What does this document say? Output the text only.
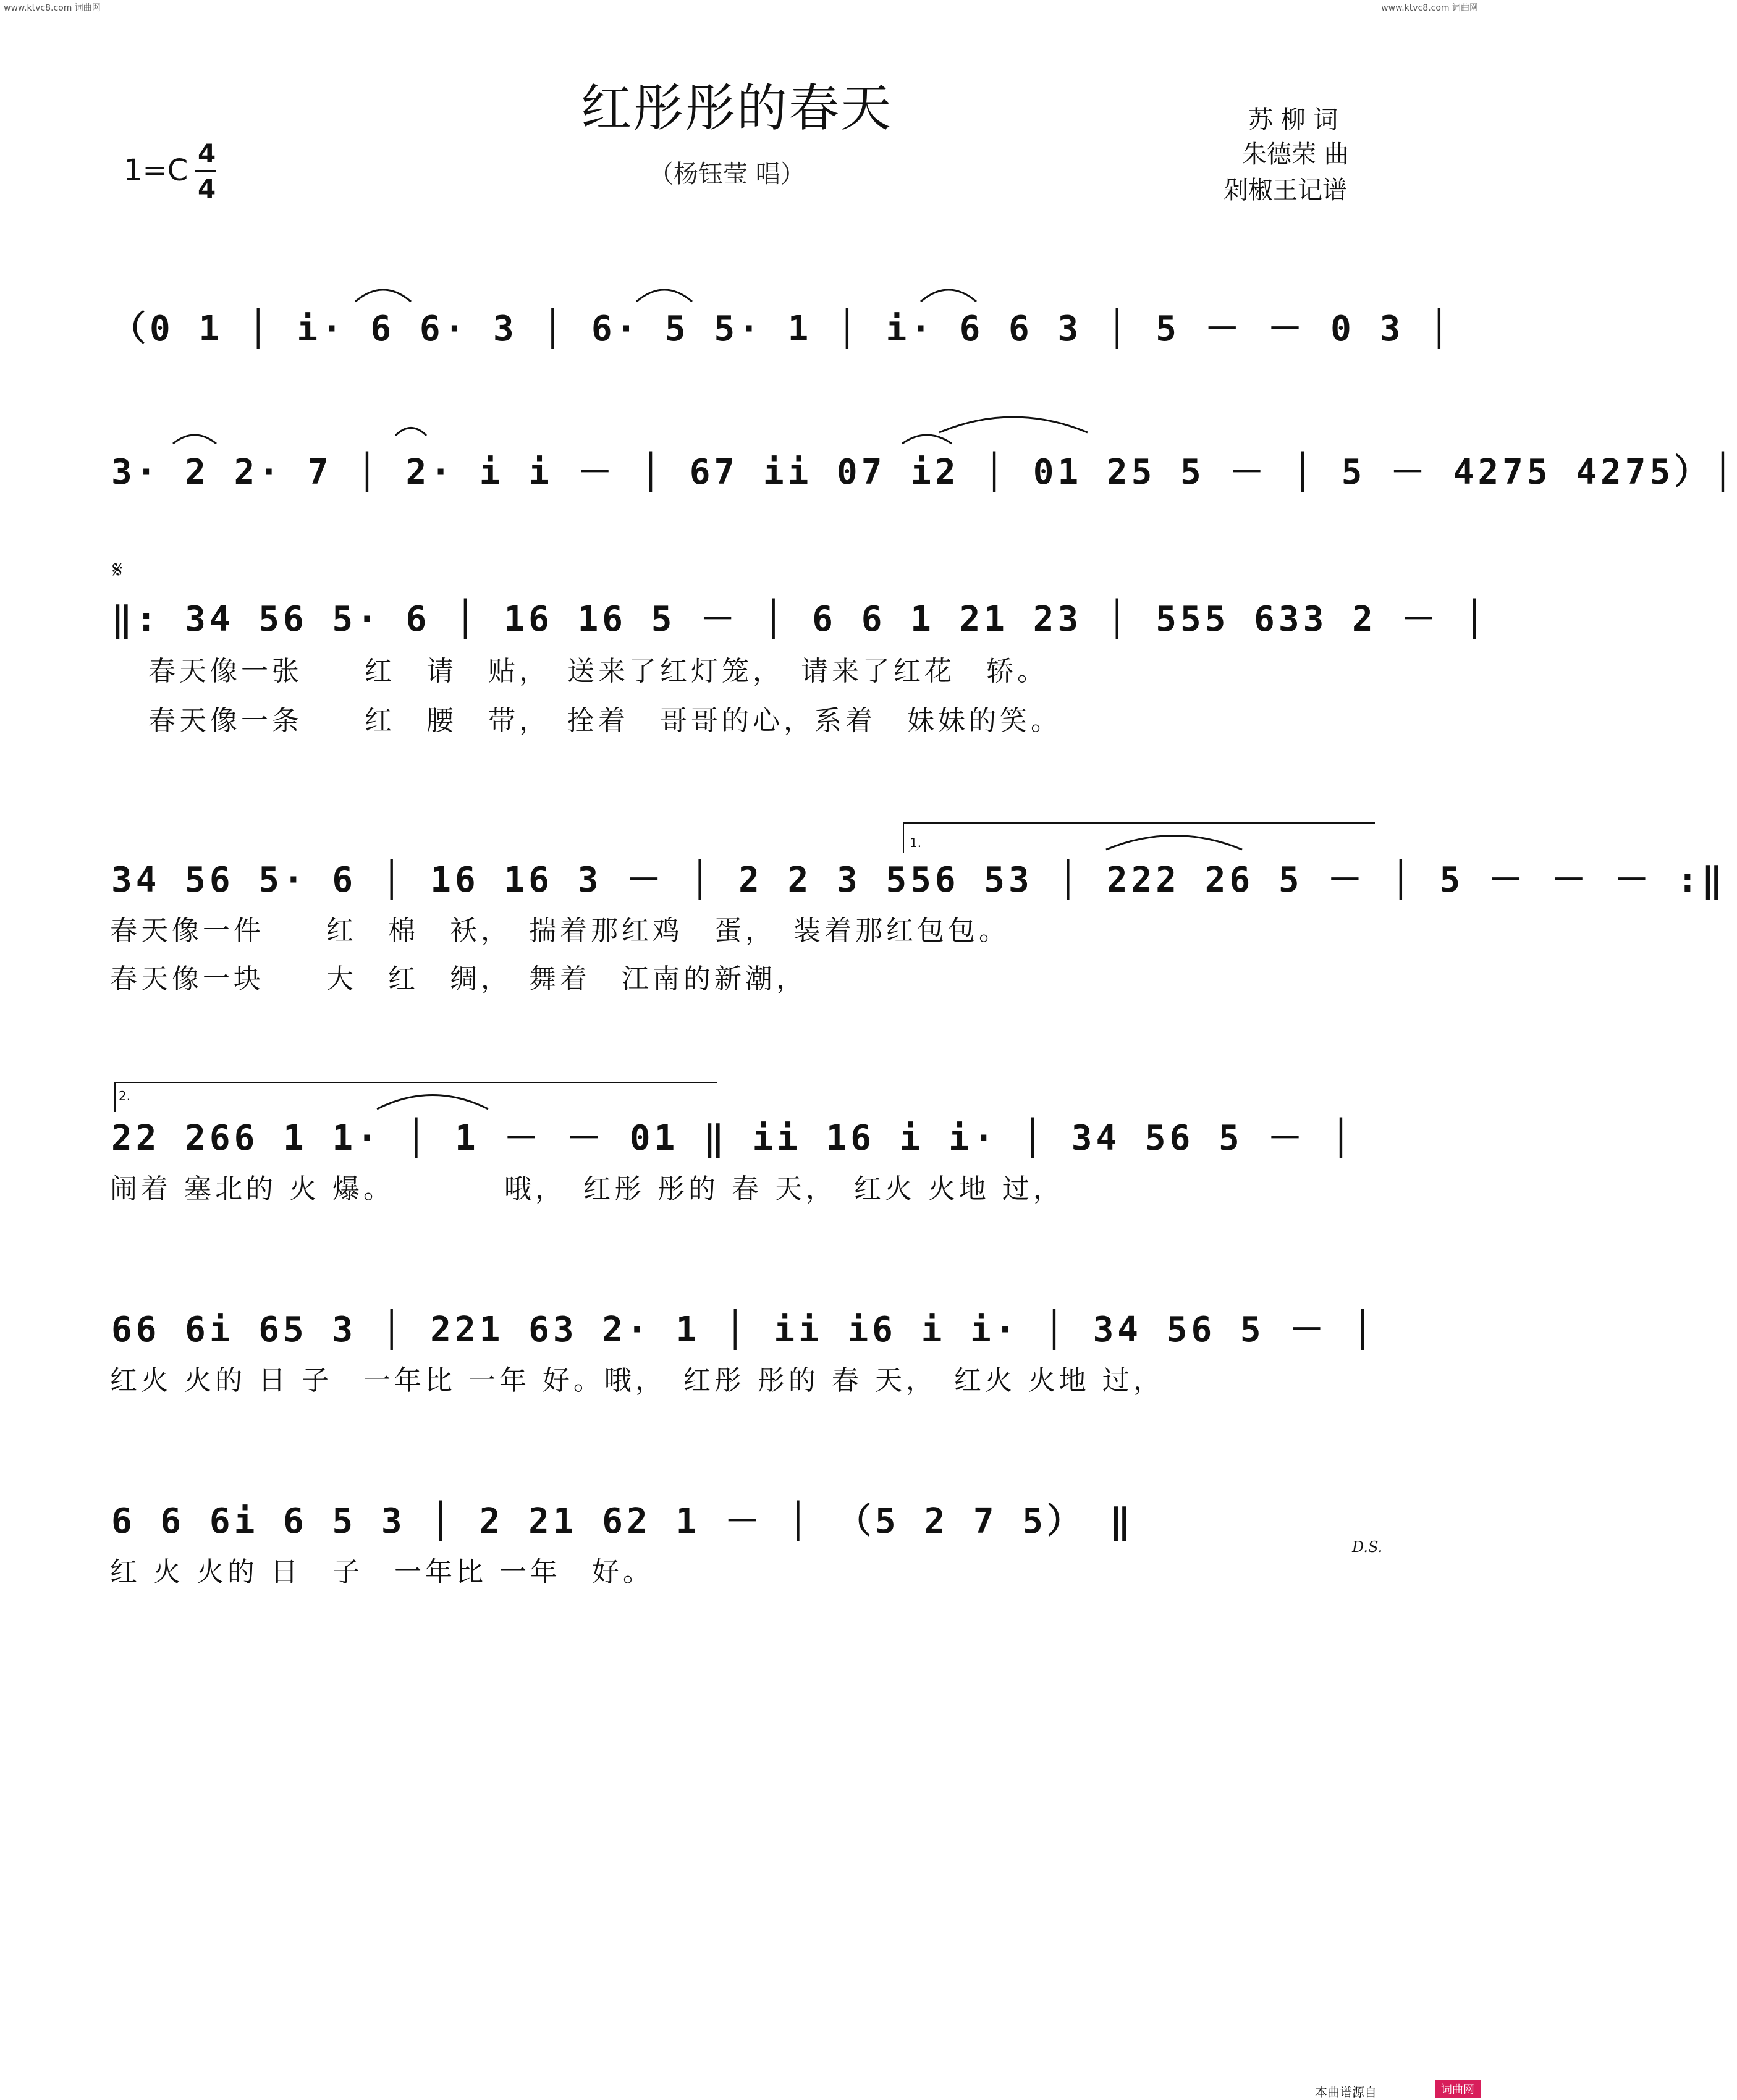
www.ktvc8.com 词曲网	www.ktvc8.com 词曲网
红彤彤的春天
（杨钰莹 唱）
1=C 4
4
苏 柳 词
朱德荣 曲
剁椒王记谱
（0 1 │ i· 6 6· 3 │ 6· 5 5· 1 │ i· 6 6 3 │ 5 － － 0 3 │
3· 2 2· 7 │ 2· i i － │ 67 ii 07 i2 │ 01 25 5 － │ 5 － 4275 4275）│
𝄋
‖: 34 56 5· 6 │ 16 16 5 － │ 6 6 1 21 23 │ 555 633 2 － │
春天像一张　　红　请　贴，　送来了红灯笼，　请来了红花　轿。
春天像一条　　红　腰　带，　拴着　哥哥的心，系着　妹妹的笑。
1.
34 56 5· 6 │ 16 16 3 － │ 2 2 3 556 53 │ 222 26 5 － │ 5 － － － :‖
春天像一件　　红　棉　袄，　揣着那红鸡　蛋，　装着那红包包。
春天像一块　　大　红　绸，　舞着　江南的新潮，
2.
22 266 1 1· │ 1 － － 01 ‖ ii 16 i i· │ 34 56 5 － │
闹着 塞北的 火 爆。　　　　哦，　红彤 彤的 春 天，　红火 火地 过，
66 6i 65 3 │ 221 63 2· 1 │ ii i6 i i· │ 34 56 5 － │
红火 火的 日 子　一年比 一年 好。哦，　红彤 彤的 春 天，　红火 火地 过，
6 6 6i 6 5 3 │ 2 21 62 1 － │ （5 2 7 5） ‖
红 火 火的 日　子　一年比 一年　好。
D.S.
本曲谱源自	词曲网
